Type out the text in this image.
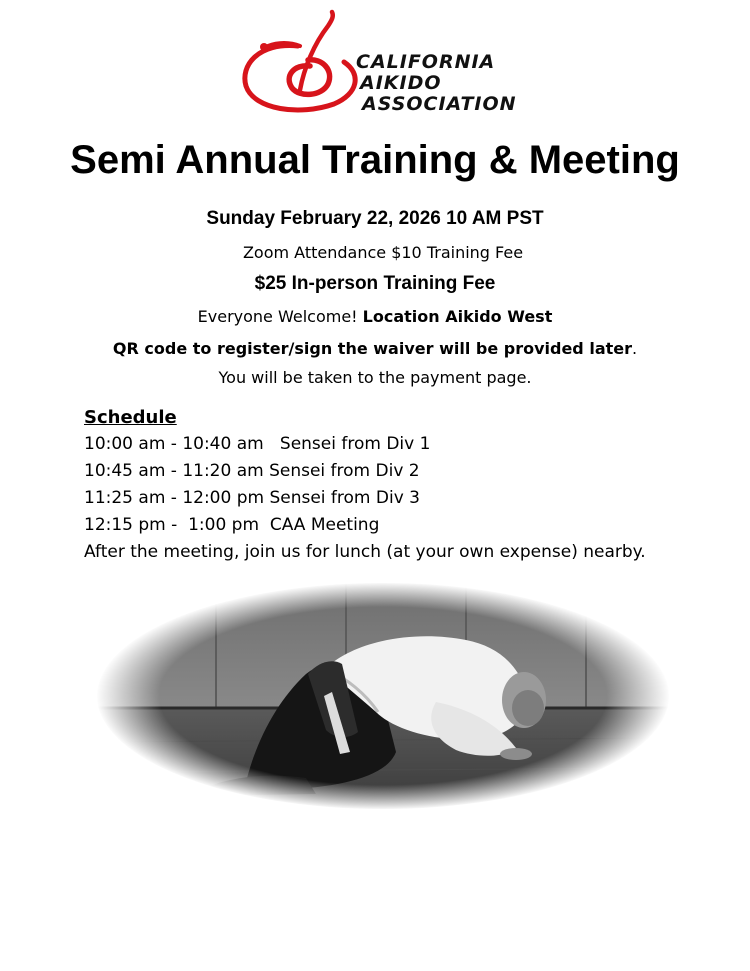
CALIFORNIA
AIKIDO
ASSOCIATION
Semi Annual Training & Meeting
Sunday February 22, 2026 10 AM PST
Zoom Attendance $10 Training Fee
$25 In-person Training Fee
Everyone Welcome! Location Aikido West
QR code to register/sign the waiver will be provided later.
You will be taken to the payment page.
Schedule
10:00 am - 10:40 am   Sensei from Div 1
10:45 am - 11:20 am Sensei from Div 2
11:25 am - 12:00 pm Sensei from Div 3
12:15 pm -  1:00 pm  CAA Meeting
After the meeting, join us for lunch (at your own expense) nearby.
